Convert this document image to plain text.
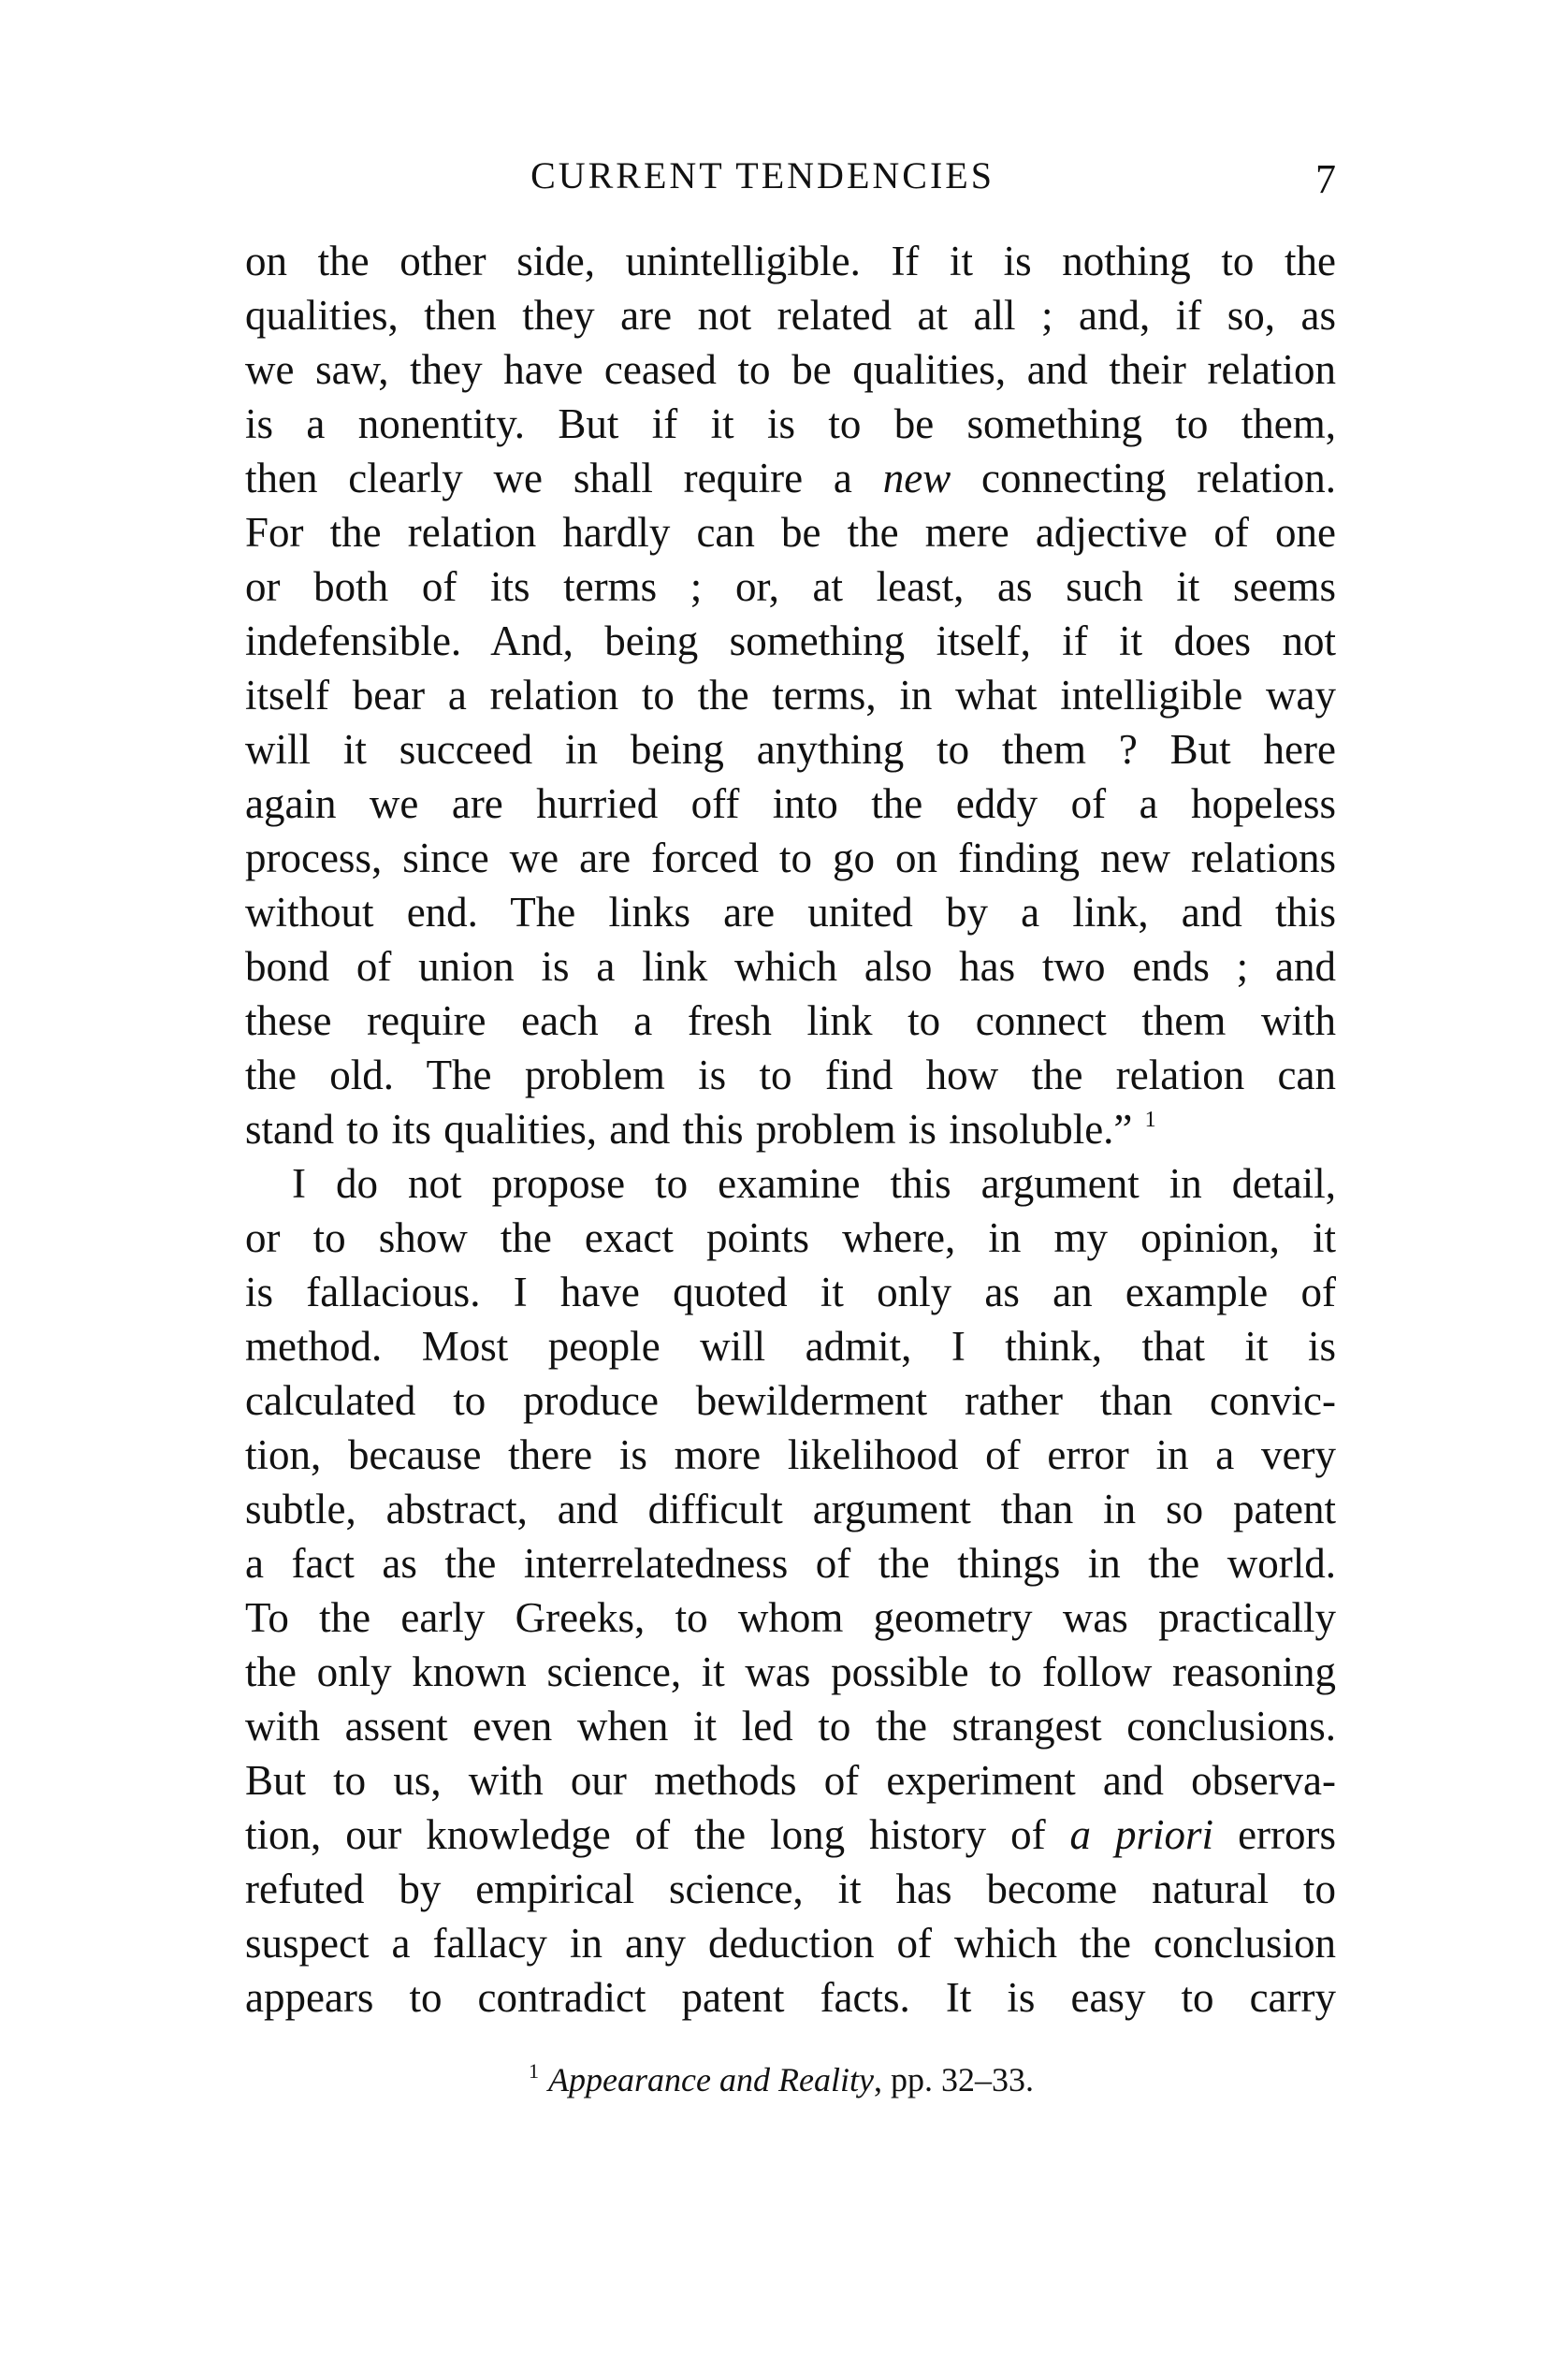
CURRENT TENDENCIES	7
on the other side, unintelligible. If it is nothing to the
qualities, then they are not related at all ; and, if so, as
we saw, they have ceased to be qualities, and their relation
is a nonentity. But if it is to be something to them,
then clearly we shall require a new connecting relation.
For the relation hardly can be the mere adjective of one
or both of its terms ; or, at least, as such it seems
indefensible. And, being something itself, if it does not
itself bear a relation to the terms, in what intelligible way
will it succeed in being anything to them ? But here
again we are hurried off into the eddy of a hopeless
process, since we are forced to go on finding new relations
without end. The links are united by a link, and this
bond of union is a link which also has two ends ; and
these require each a fresh link to connect them with
the old. The problem is to find how the relation can
stand to its qualities, and this problem is insoluble.” $^1$
I do not propose to examine this argument in detail,
or to show the exact points where, in my opinion, it
is fallacious. I have quoted it only as an example of
method. Most people will admit, I think, that it is
calculated to produce bewilderment rather than convic-
tion, because there is more likelihood of error in a very
subtle, abstract, and difficult argument than in so patent
a fact as the interrelatedness of the things in the world.
To the early Greeks, to whom geometry was practically
the only known science, it was possible to follow reasoning
with assent even when it led to the strangest conclusions.
But to us, with our methods of experiment and observa-
tion, our knowledge of the long history of a priori errors
refuted by empirical science, it has become natural to
suspect a fallacy in any deduction of which the conclusion
appears to contradict patent facts. It is easy to carry
$^1$ Appearance and Reality, pp. 32–33.
